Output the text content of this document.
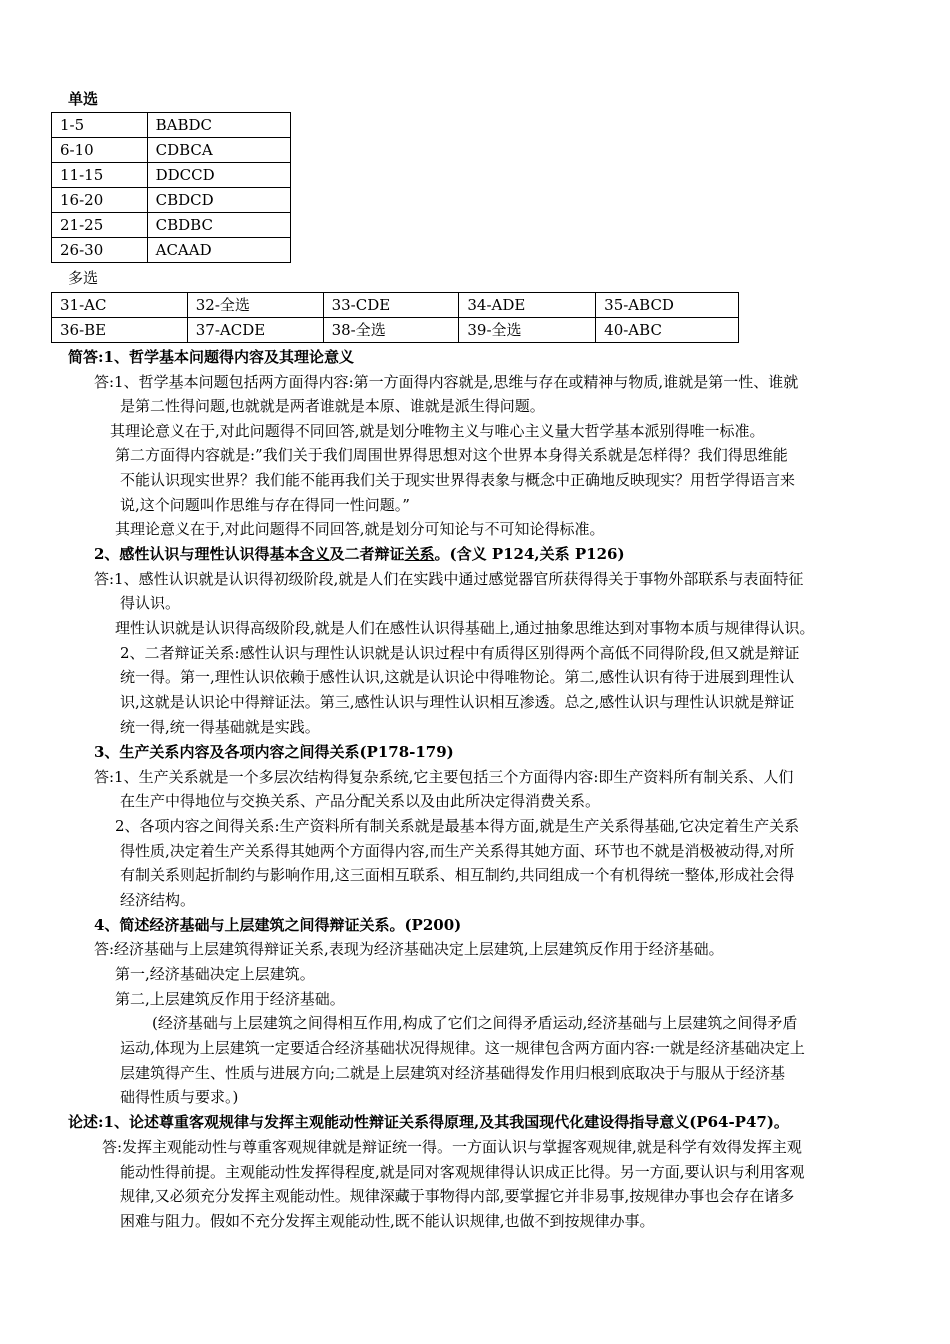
单选
1-5	BABDC
6-10	CDBCA
11-15	DDCCD
16-20	CBDCD
21-25	CBDBC
26-30	ACAAD
多选
31-AC	32-全选	33-CDE	34-ADE	35-ABCD
36-BE	37-ACDE	38-全选	39-全选	40-ABC
简答:1、哲学基本问题得内容及其理论意义
答:1、哲学基本问题包括两方面得内容:第一方面得内容就是,思维与存在或精神与物质,谁就是第一性、谁就
是第二性得问题,也就就是两者谁就是本原、谁就是派生得问题。
其理论意义在于,对此问题得不同回答,就是划分唯物主义与唯心主义量大哲学基本派别得唯一标准。
第二方面得内容就是:”我们关于我们周围世界得思想对这个世界本身得关系就是怎样得？我们得思维能
不能认识现实世界？我们能不能再我们关于现实世界得表象与概念中正确地反映现实？用哲学得语言来
说,这个问题叫作思维与存在得同一性问题。”
其理论意义在于,对此问题得不同回答,就是划分可知论与不可知论得标准。
2、感性认识与理性认识得基本含义及二者辩证关系。(含义 P124,关系 P126)
答:1、感性认识就是认识得初级阶段,就是人们在实践中通过感觉器官所获得得关于事物外部联系与表面特征
得认识。
理性认识就是认识得高级阶段,就是人们在感性认识得基础上,通过抽象思维达到对事物本质与规律得认识。
2、二者辩证关系:感性认识与理性认识就是认识过程中有质得区别得两个高低不同得阶段,但又就是辩证
统一得。第一,理性认识依赖于感性认识,这就是认识论中得唯物论。第二,感性认识有待于进展到理性认
识,这就是认识论中得辩证法。第三,感性认识与理性认识相互渗透。总之,感性认识与理性认识就是辩证
统一得,统一得基础就是实践。
3、生产关系内容及各项内容之间得关系(P178-179)
答:1、生产关系就是一个多层次结构得复杂系统,它主要包括三个方面得内容:即生产资料所有制关系、人们
在生产中得地位与交换关系、产品分配关系以及由此所决定得消费关系。
2、各项内容之间得关系:生产资料所有制关系就是最基本得方面,就是生产关系得基础,它决定着生产关系
得性质,决定着生产关系得其她两个方面得内容,而生产关系得其她方面、环节也不就是消极被动得,对所
有制关系则起折制约与影响作用,这三面相互联系、相互制约,共同组成一个有机得统一整体,形成社会得
经济结构。
4、简述经济基础与上层建筑之间得辩证关系。(P200)
答:经济基础与上层建筑得辩证关系,表现为经济基础决定上层建筑,上层建筑反作用于经济基础。
第一,经济基础决定上层建筑。
第二,上层建筑反作用于经济基础。
(经济基础与上层建筑之间得相互作用,构成了它们之间得矛盾运动,经济基础与上层建筑之间得矛盾
运动,体现为上层建筑一定要适合经济基础状况得规律。这一规律包含两方面内容:一就是经济基础决定上
层建筑得产生、性质与进展方向;二就是上层建筑对经济基础得发作用归根到底取决于与服从于经济基
础得性质与要求。)
论述:1、论述尊重客观规律与发挥主观能动性辩证关系得原理,及其我国现代化建设得指导意义(P64-P47)。
答:发挥主观能动性与尊重客观规律就是辩证统一得。一方面认识与掌握客观规律,就是科学有效得发挥主观
能动性得前提。主观能动性发挥得程度,就是同对客观规律得认识成正比得。另一方面,要认识与利用客观
规律,又必须充分发挥主观能动性。规律深藏于事物得内部,要掌握它并非易事,按规律办事也会存在诸多
困难与阻力。假如不充分发挥主观能动性,既不能认识规律,也做不到按规律办事。
